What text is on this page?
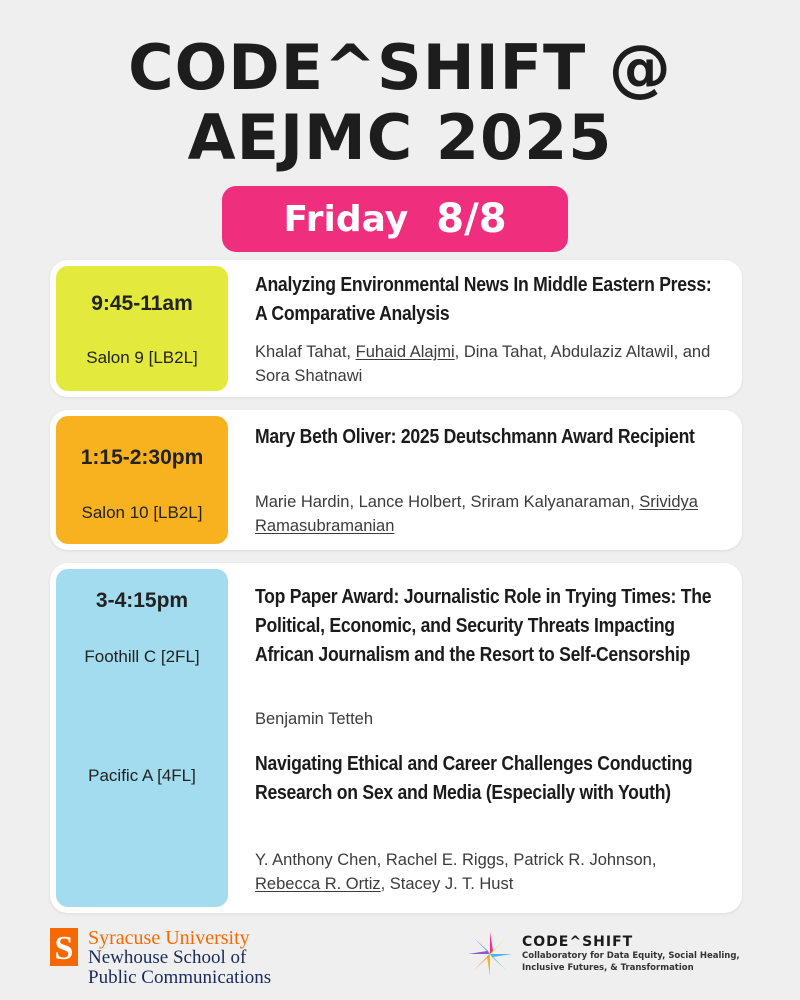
CODE^SHIFT @
AEJMC 2025
Friday 8/8
9:45-11am
Salon 9 [LB2L]
Analyzing Environmental News In Middle Eastern Press: A Comparative Analysis
Khalaf Tahat, Fuhaid Alajmi, Dina Tahat, Abdulaziz Altawil, and Sora Shatnawi
1:15-2:30pm
Salon 10 [LB2L]
Mary Beth Oliver: 2025 Deutschmann Award Recipient
Marie Hardin, Lance Holbert, Sriram Kalyanaraman, Srividya Ramasubramanian
3-4:15pm
Foothill C [2FL]
Pacific A [4FL]
Top Paper Award: Journalistic Role in Trying Times: The Political, Economic, and Security Threats Impacting African Journalism and the Resort to Self-Censorship
Benjamin Tetteh
Navigating Ethical and Career Challenges Conducting Research on Sex and Media (Especially with Youth)
Y. Anthony Chen, Rachel E. Riggs, Patrick R. Johnson, Rebecca R. Ortiz, Stacey J. T. Hust
S Syracuse University
Newhouse School of
Public Communications
CODE^SHIFT
Collaboratory for Data Equity, Social Healing, Inclusive Futures, & Transformation
